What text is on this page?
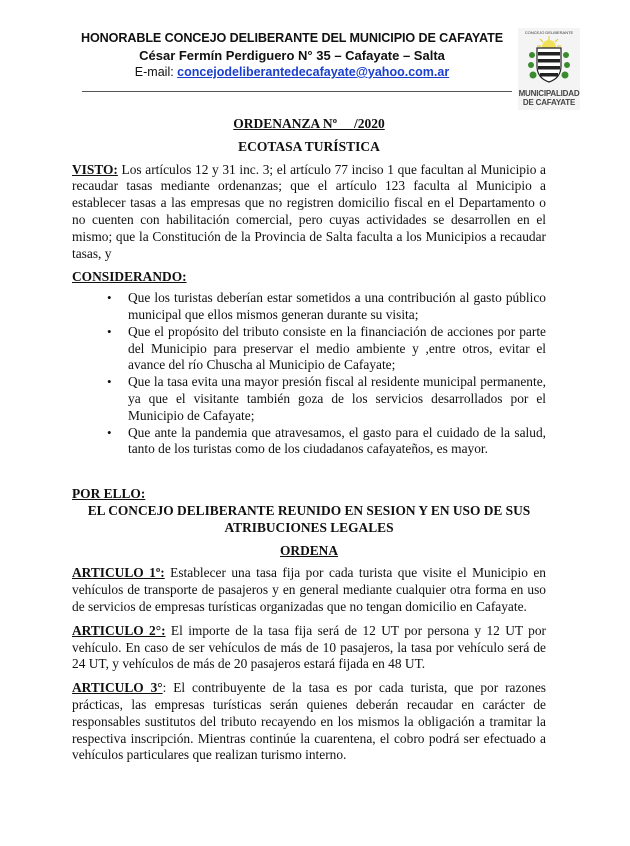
HONORABLE CONCEJO DELIBERANTE DEL MUNICIPIO DE CAFAYATE
César Fermín Perdiguero N° 35 – Cafayate – Salta
E-mail: concejodeliberantedecafayate@yahoo.com.ar
CONCEJO DELIBERANTE
MUNICIPALIDAD DE CAFAYATE
ORDENANZA Nº     /2020
ECOTASA TURÍSTICA

VISTO: Los artículos 12 y 31 inc. 3; el artículo 77 inciso 1 que facultan al Municipio a recaudar tasas mediante ordenanzas; que el artículo 123 faculta al Municipio a establecer tasas a las empresas que no registren domicilio fiscal en el Departamento o no cuenten con habilitación comercial, pero cuyas actividades se desarrollen en el mismo; que la Constitución de la Provincia de Salta faculta a los Municipios a recaudar tasas, y

CONSIDERANDO:

• Que los turistas deberían estar sometidos a una contribución al gasto público municipal que ellos mismos generan durante su visita;
• Que el propósito del tributo consiste en la financiación de acciones por parte del Municipio para preservar el medio ambiente y ,entre otros, evitar el avance del río Chuscha al Municipio de Cafayate;
• Que la tasa evita una mayor presión fiscal al residente municipal permanente, ya que el visitante también goza de los servicios desarrollados por el Municipio de Cafayate;
• Que ante la pandemia que atravesamos, el gasto para el cuidado de la salud, tanto de los turistas como de los ciudadanos cafayateños, es mayor.

POR ELLO:

EL CONCEJO DELIBERANTE REUNIDO EN SESION Y EN USO DE SUS
ATRIBUCIONES LEGALES
ORDENA

ARTICULO 1º: Establecer una tasa fija por cada turista que visite el Municipio en vehículos de transporte de pasajeros y en general mediante cualquier otra forma en uso de servicios de empresas turísticas organizadas que no tengan domicilio en Cafayate.

ARTICULO 2°: El importe de la tasa fija será de 12 UT por persona y 12 UT por vehículo. En caso de ser vehículos de más de 10 pasajeros, la tasa por vehículo será de 24 UT, y vehículos de más de 20 pasajeros estará fijada en 48 UT.

ARTICULO 3°: El contribuyente de la tasa es por cada turista, que por razones prácticas, las empresas turísticas serán quienes deberán recaudar en carácter de responsables sustitutos del tributo recayendo en los mismos la obligación a tramitar la respectiva inscripción. Mientras continúe la cuarentena, el cobro podrá ser efectuado a vehículos particulares que realizan turismo interno.
